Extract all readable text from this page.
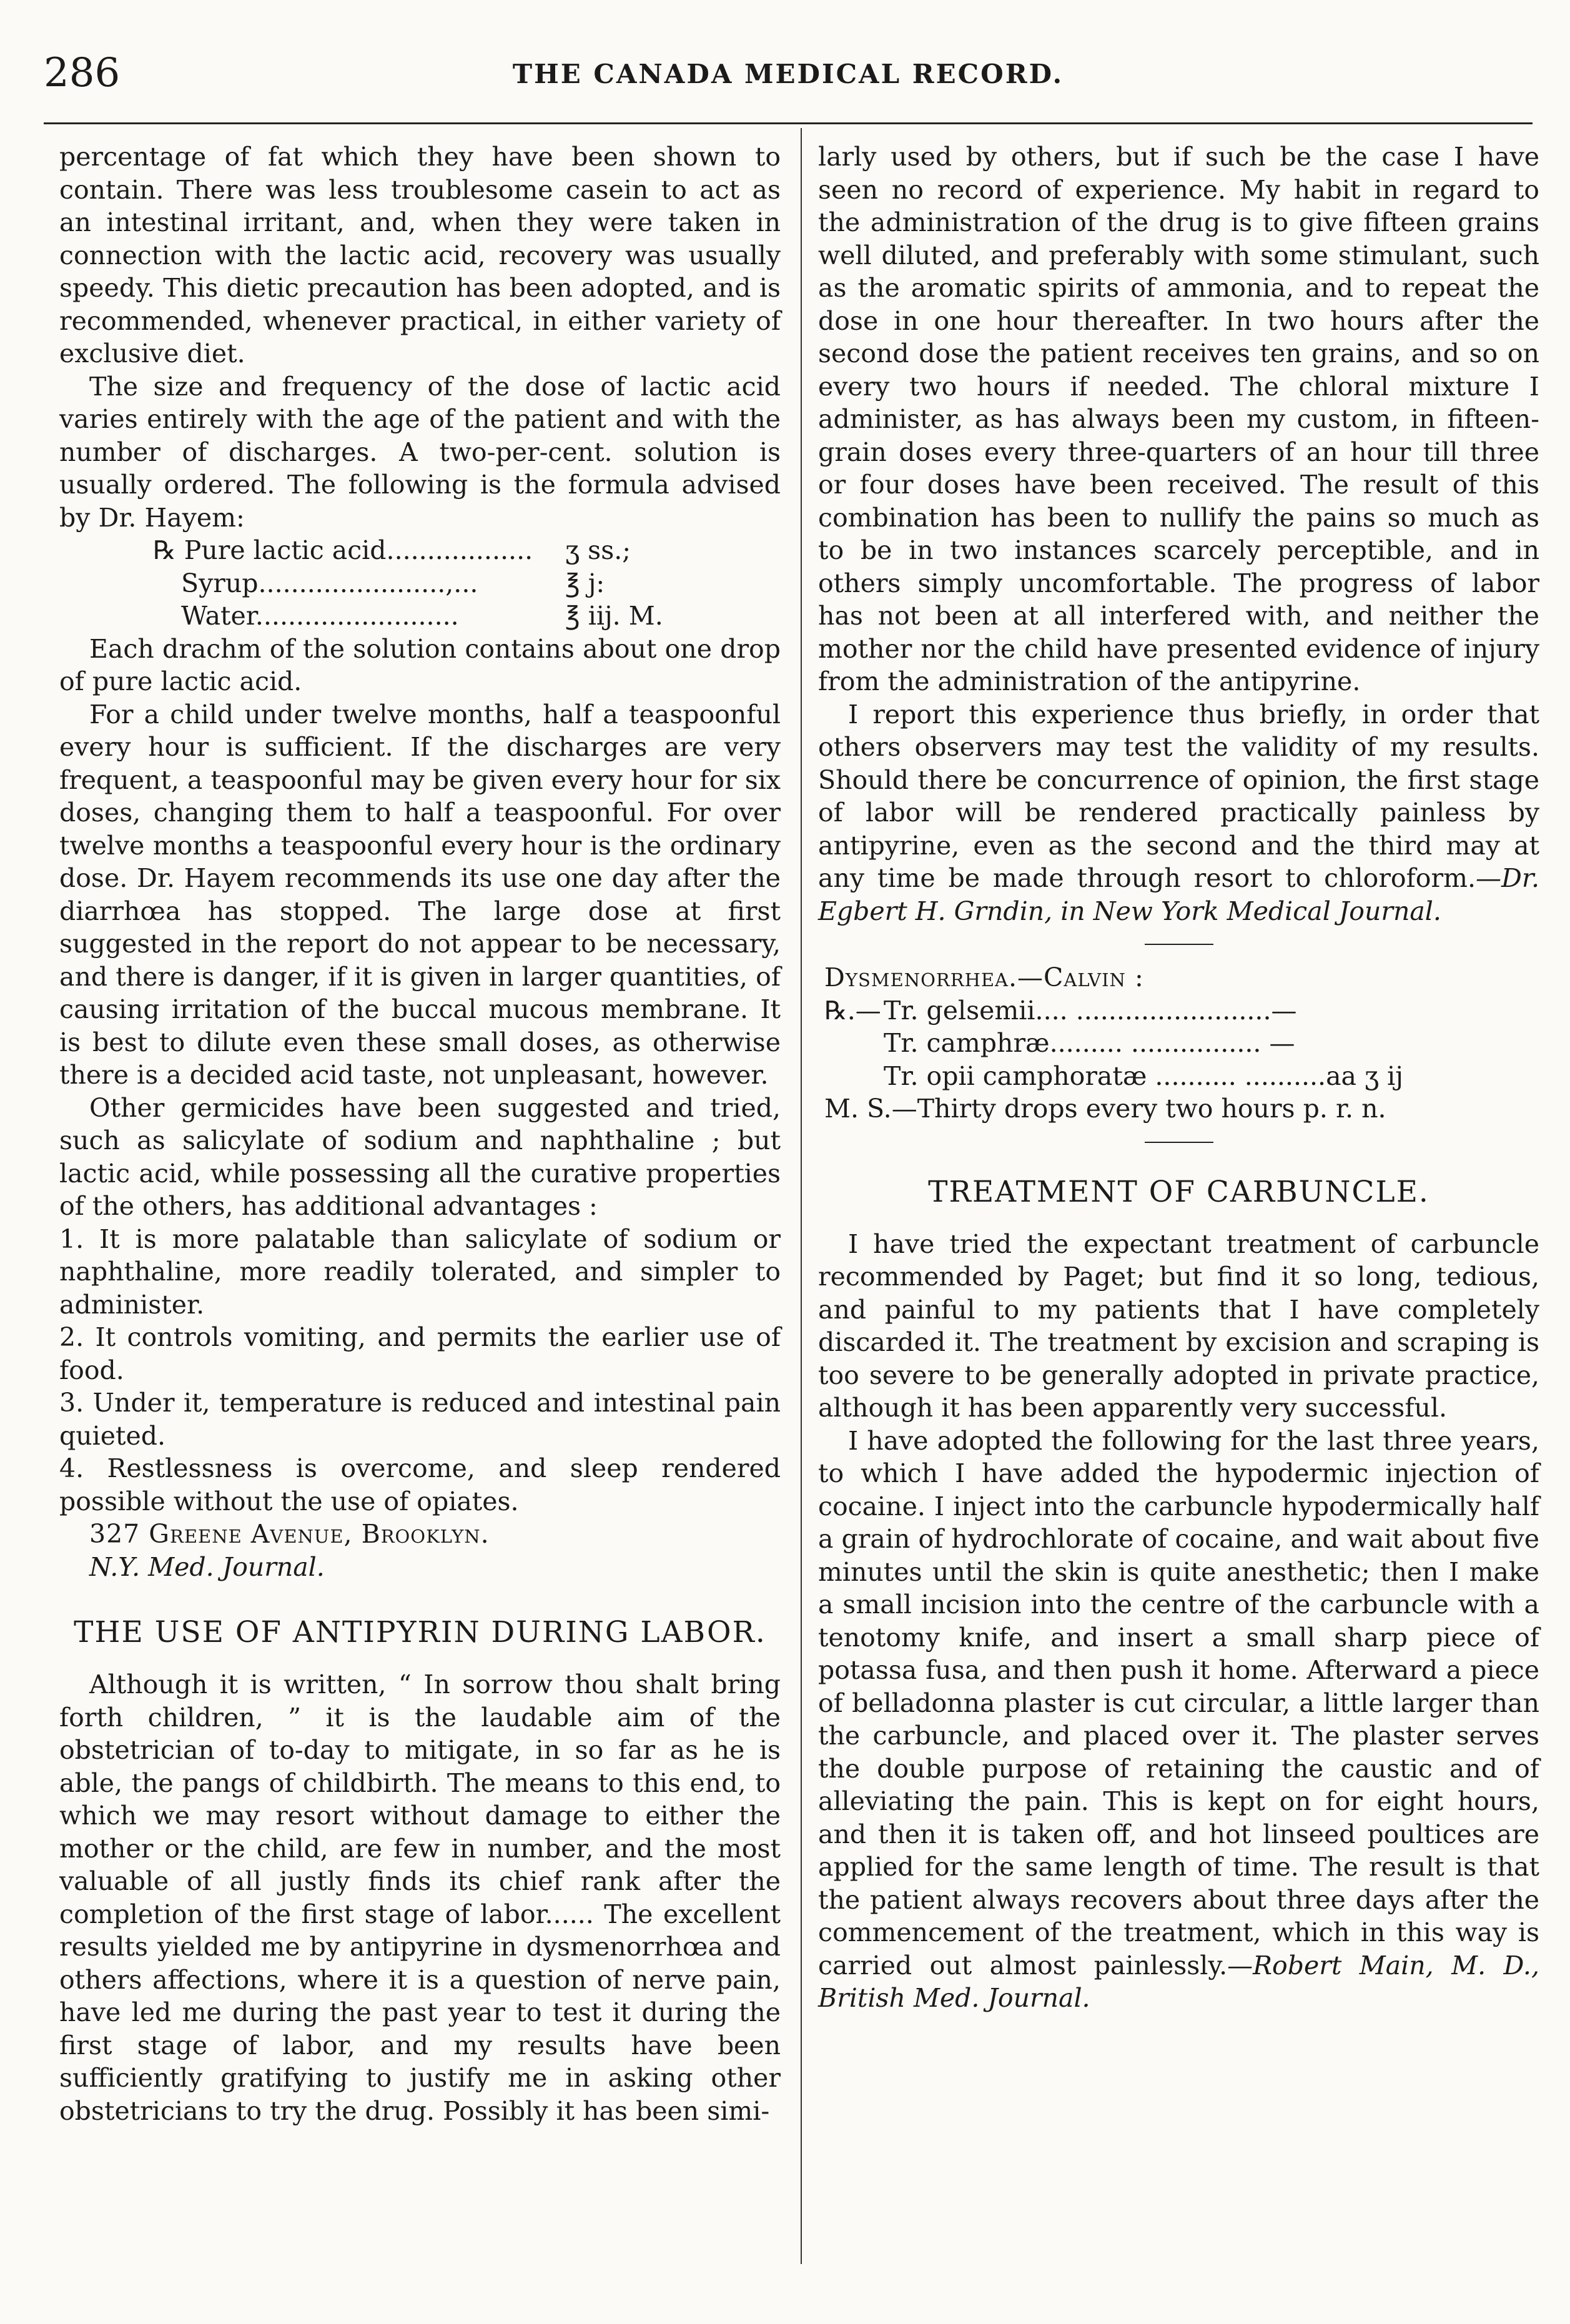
286	THE CANADA MEDICAL RECORD.

percentage of fat which they have been shown to contain. There was less troublesome casein to act as an intestinal irritant, and, when they were taken in connection with the lactic acid, recovery was usually speedy. This dietic precaution has been adopted, and is recommended, whenever practical, in either variety of exclusive diet.

The size and frequency of the dose of lactic acid varies entirely with the age of the patient and with the number of discharges. A two-per-cent. solution is usually ordered. The following is the formula advised by Dr. Hayem:

℞ Pure lactic acid..................	ʒ ss.;
Syrup.......................,...	℥ j:
Water.........................	℥ iij. M.

Each drachm of the solution contains about one drop of pure lactic acid.

For a child under twelve months, half a teaspoonful every hour is sufficient. If the discharges are very frequent, a teaspoonful may be given every hour for six doses, changing them to half a teaspoonful. For over twelve months a teaspoonful every hour is the ordinary dose. Dr. Hayem recommends its use one day after the diarrhœa has stopped. The large dose at first suggested in the report do not appear to be necessary, and there is danger, if it is given in larger quantities, of causing irritation of the buccal mucous membrane. It is best to dilute even these small doses, as otherwise there is a decided acid taste, not unpleasant, however.

Other germicides have been suggested and tried, such as salicylate of sodium and naphthaline ; but lactic acid, while possessing all the curative properties of the others, has additional advantages :

1. It is more palatable than salicylate of sodium or naphthaline, more readily tolerated, and simpler to administer.

2. It controls vomiting, and permits the earlier use of food.

3. Under it, temperature is reduced and intestinal pain quieted.

4. Restlessness is overcome, and sleep rendered possible without the use of opiates.

327 Greene Avenue, Brooklyn.
N.Y. Med. Journal.
THE USE OF ANTIPYRIN DURING LABOR.

Although it is written, “ In sorrow thou shalt bring forth children, ” it is the laudable aim of the obstetrician of to-day to mitigate, in so far as he is able, the pangs of childbirth. The means to this end, to which we may resort without damage to either the mother or the child, are few in number, and the most valuable of all justly finds its chief rank after the completion of the first stage of labor...... The excellent results yielded me by antipyrine in dysmenorrhœa and others affections, where it is a question of nerve pain, have led me during the past year to test it during the first stage of labor, and my results have been sufficiently gratifying to justify me in asking other obstetricians to try the drug. Possibly it has been simi-

larly used by others, but if such be the case I have seen no record of experience. My habit in regard to the administration of the drug is to give fifteen grains well diluted, and preferably with some stimulant, such as the aromatic spirits of ammonia, and to repeat the dose in one hour thereafter. In two hours after the second dose the patient receives ten grains, and so on every two hours if needed. The chloral mixture I administer, as has always been my custom, in fifteen-grain doses every three-quarters of an hour till three or four doses have been received. The result of this combination has been to nullify the pains so much as to be in two instances scarcely perceptible, and in others simply uncomfortable. The progress of labor has not been at all interfered with, and neither the mother nor the child have presented evidence of injury from the administration of the antipyrine.

I report this experience thus briefly, in order that others observers may test the validity of my results. Should there be concurrence of opinion, the first stage of labor will be rendered practically painless by antipyrine, even as the second and the third may at any time be made through resort to chloroform.—Dr. Egbert H. Grndin, in New York Medical Journal.

Dysmenorrhea.—Calvin :
℞.— Tr. gelsemii.... ........................—
Tr. camphræ......... ................ —
Tr. opii camphoratæ .......... ..........aa ʒ ij
M. S.—Thirty drops every two hours p. r. n.
TREATMENT OF CARBUNCLE.

I have tried the expectant treatment of carbuncle recommended by Paget; but find it so long, tedious, and painful to my patients that I have completely discarded it. The treatment by excision and scraping is too severe to be generally adopted in private practice, although it has been apparently very successful.

I have adopted the following for the last three years, to which I have added the hypodermic injection of cocaine. I inject into the carbuncle hypodermically half a grain of hydrochlorate of cocaine, and wait about five minutes until the skin is quite anesthetic; then I make a small incision into the centre of the carbuncle with a tenotomy knife, and insert a small sharp piece of potassa fusa, and then push it home. Afterward a piece of belladonna plaster is cut circular, a little larger than the carbuncle, and placed over it. The plaster serves the double purpose of retaining the caustic and of alleviating the pain. This is kept on for eight hours, and then it is taken off, and hot linseed poultices are applied for the same length of time. The result is that the patient always recovers about three days after the commencement of the treatment, which in this way is carried out almost painlessly.—Robert Main, M. D., British Med. Journal.
